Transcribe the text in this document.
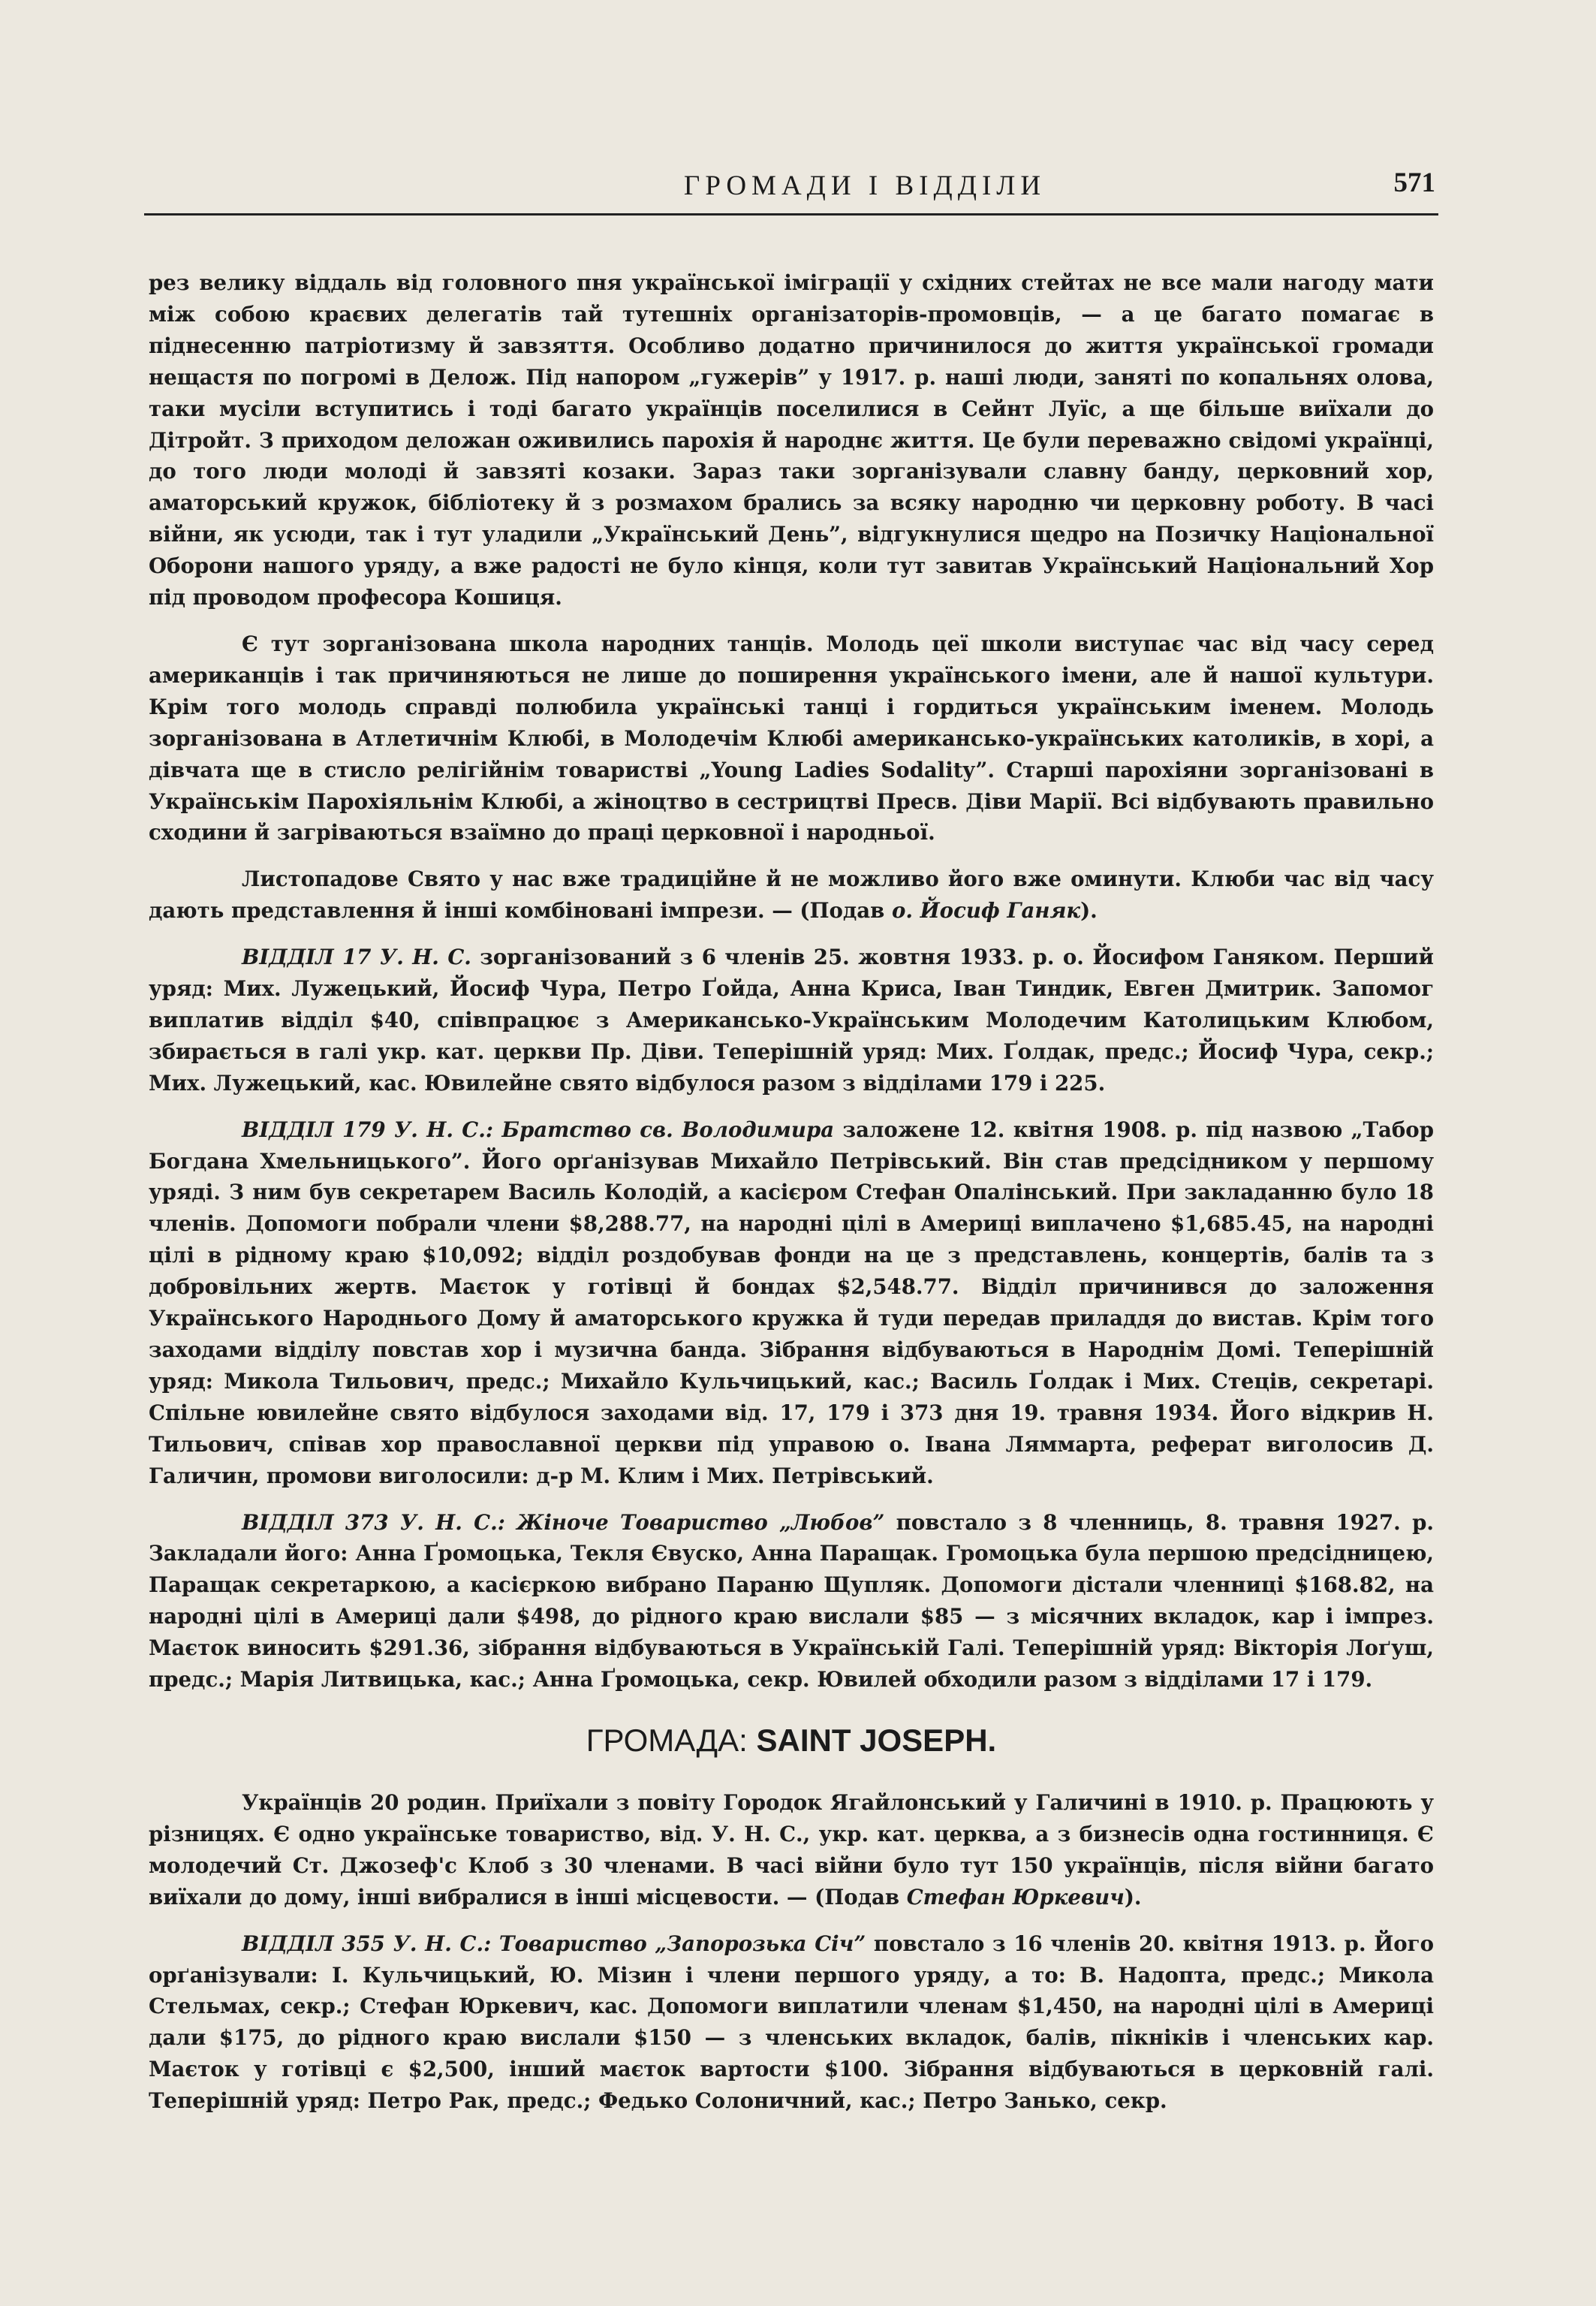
ГРОМАДИ І ВІДДІЛИ	571

рез велику віддаль від головного пня української іміграції у східних стейтах не все мали нагоду мати між собою краєвих делегатів тай тутешніх організаторів-промовців, — а це багато помагає в піднесенню патріотизму й завзяття. Особливо додатно причинилося до життя української громади нещастя по погромі в Делож. Під напором „гужерів” у 1917. р. наші люди, заняті по копальнях олова, таки мусіли вступитись і тоді багато українців поселилися в Сейнт Луїс, а ще більше виїхали до Дітройт. З приходом деложан оживились парохія й народнє життя. Це були переважно свідомі українці, до того люди молоді й завзяті козаки. Зараз таки зорганізували славну банду, церковний хор, аматорський кружок, бібліотеку й з розмахом брались за всяку народню чи церковну роботу. В часі війни, як усюди, так і тут уладили „Український День”, відгукнулися щедро на Позичку Національної Оборони нашого уряду, а вже радості не було кінця, коли тут завитав Український Національний Хор під проводом професора Кошиця.

Є тут зорганізована школа народних танців. Молодь цеї школи виступає час від часу серед американців і так причиняються не лише до поширення українського імени, але й нашої культури. Крім того молодь справді полюбила українські танці і гордиться українським іменем. Молодь зорганізована в Атлетичнім Клюбі, в Молодечім Клюбі американсько-українських католиків, в хорі, а дівчата ще в стисло релігійнім товаристві „Young Ladies Sodality”. Старші парохіяни зорганізовані в Українськім Парохіяльнім Клюбі, а жіноцтво в сестрицтві Пресв. Діви Марії. Всі відбувають правильно сходини й загріваються взаїмно до праці церковної і народньої.

Листопадове Свято у нас вже традиційне й не можливо його вже оминути. Клюби час від часу дають представлення й інші комбіновані імпрези. — (Подав о. Йосиф Ганяк).

ВІДДІЛ 17 У. Н. С. зорганізований з 6 членів 25. жовтня 1933. р. о. Йосифом Ганяком. Перший уряд: Мих. Лужецький, Йосиф Чура, Петро Ґойда, Анна Криса, Іван Тиндик, Евген Дмитрик. Запомог виплатив відділ $40, співпрацює з Американсько-Українським Молодечим Католицьким Клюбом, збирається в галі укр. кат. церкви Пр. Діви. Теперішній уряд: Мих. Ґолдак, предс.; Йосиф Чура, секр.; Мих. Лужецький, кас. Ювилейне свято відбулося разом з відділами 179 і 225.

ВІДДІЛ 179 У. Н. С.: Братство св. Володимира заложене 12. квітня 1908. р. під назвою „Табор Богдана Хмельницького”. Його орґанізував Михайло Петрівський. Він став предсідником у першому уряді. З ним був секретарем Василь Колодій, а касієром Стефан Опалінський. При закладанню було 18 членів. Допомоги побрали члени $8,288.77, на народні цілі в Америці виплачено $1,685.45, на народні цілі в рідному краю $10,092; відділ роздобував фонди на це з представлень, концертів, балів та з добровільних жертв. Маєток у готівці й бондах $2,548.77. Відділ причинився до заложення Українського Народнього Дому й аматорського кружка й туди передав приладдя до вистав. Крім того заходами відділу повстав хор і музична банда. Зібрання відбуваються в Народнім Домі. Теперішній уряд: Микола Тильович, предс.; Михайло Кульчицький, кас.; Василь Ґолдак і Мих. Стеців, секретарі. Спільне ювилейне свято відбулося заходами від. 17, 179 і 373 дня 19. травня 1934. Його відкрив Н. Тильович, співав хор православної церкви під управою о. Івана Ляммарта, реферат виголосив Д. Галичин, промови виголосили: д-р М. Клим і Мих. Петрівський.

ВІДДІЛ 373 У. Н. С.: Жіноче Товариство „Любов” повстало з 8 членниць, 8. травня 1927. р. Закладали його: Анна Ґромоцька, Текля Євуско, Анна Паращак. Громоцька була першою предсідницею, Паращак секретаркою, а касієркою вибрано Параню Щупляк. Допомоги дістали членниці $168.82, на народні цілі в Америці дали $498, до рідного краю вислали $85 — з місячних вкладок, кар і імпрез. Маєток виносить $291.36, зібрання відбуваються в Українській Галі. Теперішній уряд: Вікторія Лоґуш, предс.; Марія Литвицька, кас.; Анна Ґромоцька, секр. Ювилей обходили разом з відділами 17 і 179.

ГРОМАДА: SAINT JOSEPH.

Українців 20 родин. Приїхали з повіту Городок Ягайлонський у Галичині в 1910. р. Працюють у різницях. Є одно українське товариство, від. У. Н. С., укр. кат. церква, а з бизнесів одна гостинниця. Є молодечий Ст. Джозеф'с Клоб з 30 членами. В часі війни було тут 150 українців, після війни багато виїхали до дому, інші вибралися в інші місцевости. — (Подав Стефан Юркевич).

ВІДДІЛ 355 У. Н. С.: Товариство „Запорозька Січ” повстало з 16 членів 20. квітня 1913. р. Його орґанізували: І. Кульчицький, Ю. Мізин і члени першого уряду, а то: В. Надопта, предс.; Микола Стельмах, секр.; Стефан Юркевич, кас. Допомоги виплатили членам $1,450, на народні цілі в Америці дали $175, до рідного краю вислали $150 — з членських вкладок, балів, пікніків і членських кар. Маєток у готівці є $2,500, інший маєток вартости $100. Зібрання відбуваються в церковній галі. Теперішній уряд: Петро Рак, предс.; Федько Солоничний, кас.; Петро Занько, секр.
